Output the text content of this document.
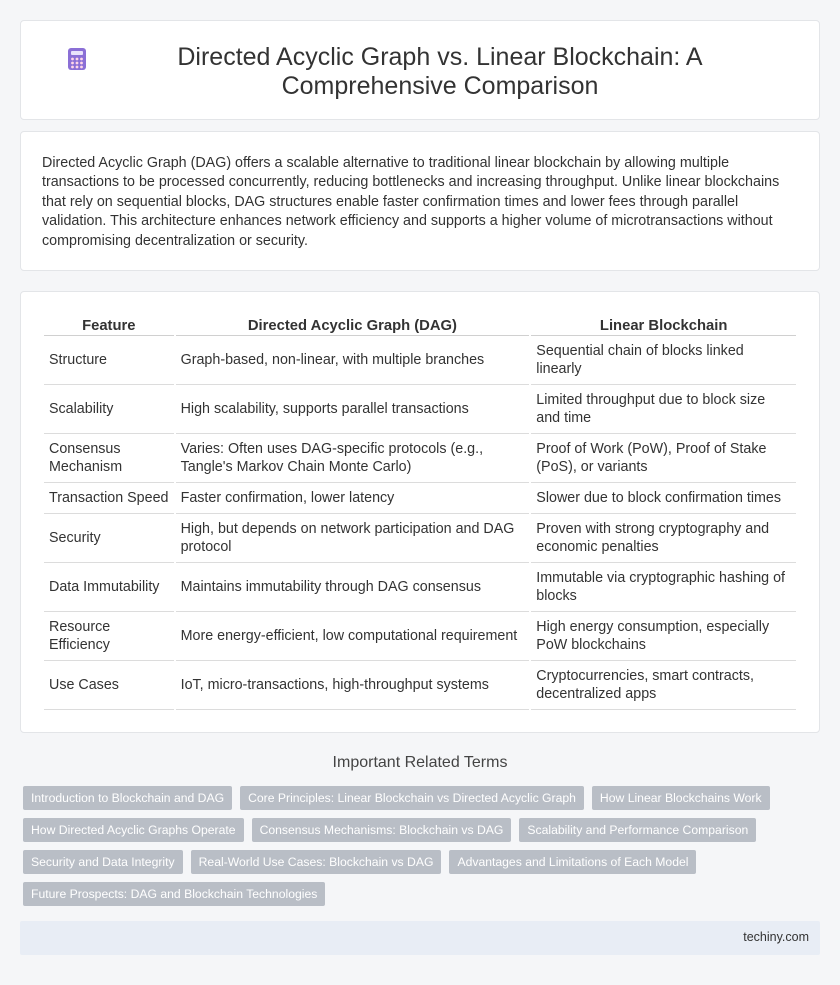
Directed Acyclic Graph vs. Linear Blockchain: A Comprehensive Comparison

Directed Acyclic Graph (DAG) offers a scalable alternative to traditional linear blockchain by allowing multiple transactions to be processed concurrently, reducing bottlenecks and increasing throughput. Unlike linear blockchains that rely on sequential blocks, DAG structures enable faster confirmation times and lower fees through parallel validation. This architecture enhances network efficiency and supports a higher volume of microtransactions without compromising decentralization or security.

Feature	Directed Acyclic Graph (DAG)	Linear Blockchain
Structure	Graph-based, non-linear, with multiple branches	Sequential chain of blocks linked linearly
Scalability	High scalability, supports parallel transactions	Limited throughput due to block size and time
Consensus Mechanism	Varies: Often uses DAG-specific protocols (e.g., Tangle's Markov Chain Monte Carlo)	Proof of Work (PoW), Proof of Stake (PoS), or variants
Transaction Speed	Faster confirmation, lower latency	Slower due to block confirmation times
Security	High, but depends on network participation and DAG protocol	Proven with strong cryptography and economic penalties
Data Immutability	Maintains immutability through DAG consensus	Immutable via cryptographic hashing of blocks
Resource Efficiency	More energy-efficient, low computational requirement	High energy consumption, especially PoW blockchains
Use Cases	IoT, micro-transactions, high-throughput systems	Cryptocurrencies, smart contracts, decentralized apps
Important Related Terms
Introduction to Blockchain and DAG	Core Principles: Linear Blockchain vs Directed Acyclic Graph	How Linear Blockchains Work
How Directed Acyclic Graphs Operate	Consensus Mechanisms: Blockchain vs DAG	Scalability and Performance Comparison
Security and Data Integrity	Real-World Use Cases: Blockchain vs DAG	Advantages and Limitations of Each Model
Future Prospects: DAG and Blockchain Technologies
techiny.com
